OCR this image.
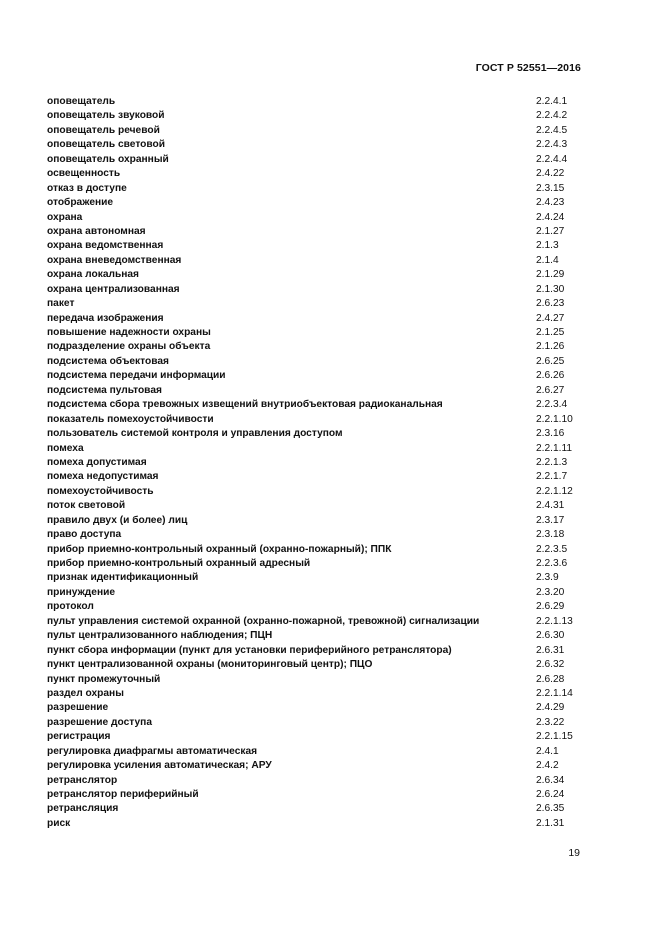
ГОСТ Р 52551—2016
оповещатель	2.2.4.1
оповещатель звуковой	2.2.4.2
оповещатель речевой	2.2.4.5
оповещатель световой	2.2.4.3
оповещатель охранный	2.2.4.4
освещенность	2.4.22
отказ в доступе	2.3.15
отображение	2.4.23
охрана	2.4.24
охрана автономная	2.1.27
охрана ведомственная	2.1.3
охрана вневедомственная	2.1.4
охрана локальная	2.1.29
охрана централизованная	2.1.30
пакет	2.6.23
передача изображения	2.4.27
повышение надежности охраны	2.1.25
подразделение охраны объекта	2.1.26
подсистема объектовая	2.6.25
подсистема передачи информации	2.6.26
подсистема пультовая	2.6.27
подсистема сбора тревожных извещений внутриобъектовая радиоканальная	2.2.3.4
показатель помехоустойчивости	2.2.1.10
пользователь системой контроля и управления доступом	2.3.16
помеха	2.2.1.11
помеха допустимая	2.2.1.3
помеха недопустимая	2.2.1.7
помехоустойчивость	2.2.1.12
поток световой	2.4.31
правило двух (и более) лиц	2.3.17
право доступа	2.3.18
прибор приемно-контрольный охранный (охранно-пожарный); ППК	2.2.3.5
прибор приемно-контрольный охранный адресный	2.2.3.6
признак идентификационный	2.3.9
принуждение	2.3.20
протокол	2.6.29
пульт управления системой охранной (охранно-пожарной, тревожной) сигнализации	2.2.1.13
пульт централизованного наблюдения; ПЦН	2.6.30
пункт сбора информации (пункт для установки периферийного ретранслятора)	2.6.31
пункт централизованной охраны (мониторинговый центр); ПЦО	2.6.32
пункт промежуточный	2.6.28
раздел охраны	2.2.1.14
разрешение	2.4.29
разрешение доступа	2.3.22
регистрация	2.2.1.15
регулировка диафрагмы автоматическая	2.4.1
регулировка усиления автоматическая; АРУ	2.4.2
ретранслятор	2.6.34
ретранслятор периферийный	2.6.24
ретрансляция	2.6.35
риск	2.1.31
19
